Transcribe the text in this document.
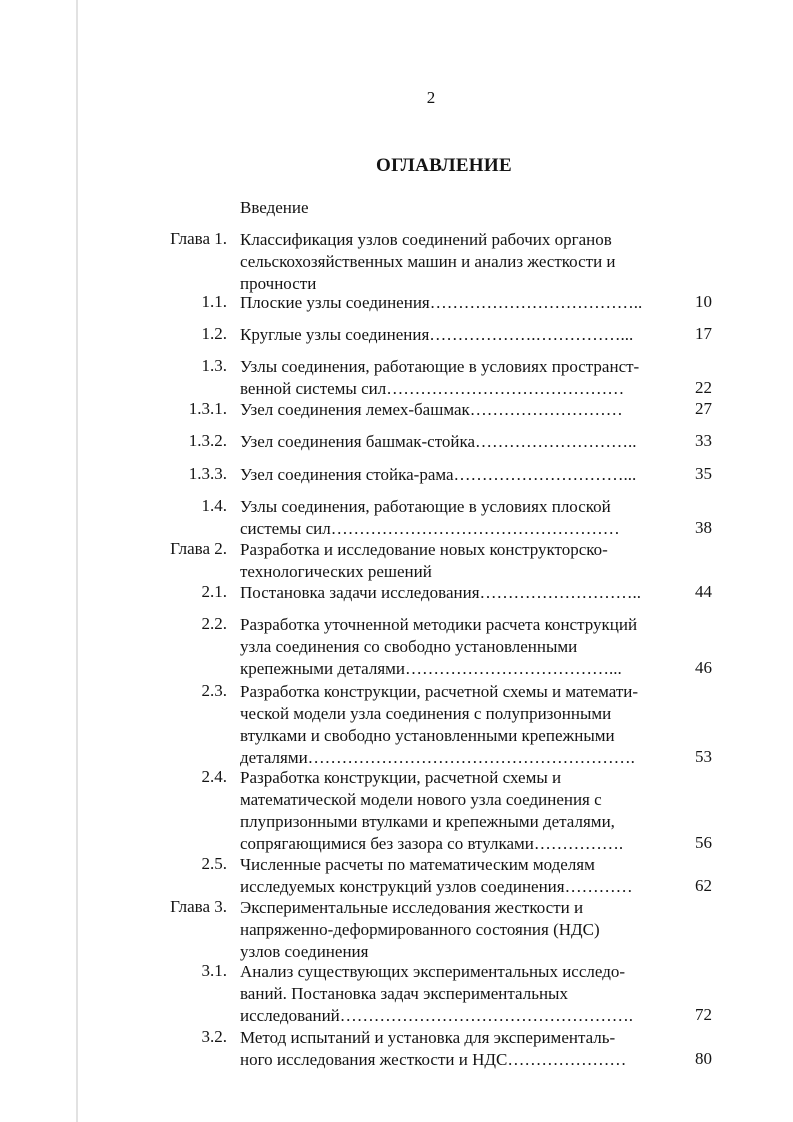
2
ОГЛАВЛЕНИЕ
Введение
Глава 1. Классификация узлов соединений рабочих органов
сельскохозяйственных машин и анализ жесткости и
прочности
1.1. Плоские узлы соединения………………………………..	10
1.2. Круглые узлы соединения……………….……………...	17
1.3. Узлы соединения, работающие в условиях пространст-
венной системы сил……………………………………	22
1.3.1. Узел соединения лемех-башмак………………………	27
1.3.2. Узел соединения башмак-стойка………………………..	33
1.3.3. Узел соединения стойка-рама…………………………...	35
1.4. Узлы соединения, работающие в условиях плоской
системы сил……………………………………………	38
Глава 2. Разработка и исследование новых конструкторско-
технологических решений
2.1. Постановка задачи исследования………………………..	44
2.2. Разработка уточненной методики расчета конструкций
узла соединения со свободно установленными
крепежными деталями………………………………...	46
2.3. Разработка конструкции, расчетной схемы и математи-
ческой модели узла соединения с полупризонными
втулками и свободно установленными крепежными
деталями………………………………………………….	53
2.4. Разработка конструкции, расчетной схемы и
математической модели нового узла соединения с
плупризонными втулками и крепежными деталями,
сопрягающимися без зазора со втулками…………….	56
2.5. Численные расчеты по математическим моделям
исследуемых конструкций узлов соединения…………	62
Глава 3. Экспериментальные исследования жесткости и
напряженно-деформированного состояния (НДС)
узлов соединения
3.1. Анализ существующих экспериментальных исследо-
ваний. Постановка задач экспериментальных
исследований…………………………………………….	72
3.2. Метод испытаний и установка для эксперименталь-
ного исследования жесткости и НДС…………………	80
